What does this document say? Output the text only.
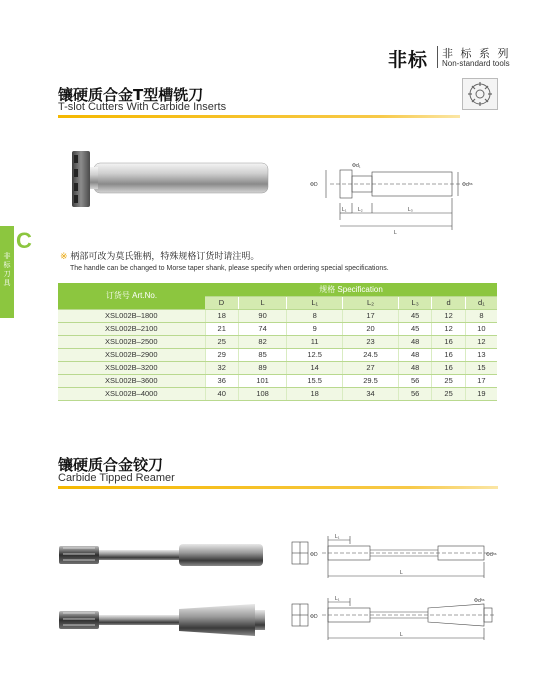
非标 非 标 系 列
Non-standard tools
C
非标刀具
镶硬质合金T型槽铣刀
T-slot Cutters With Carbide Inserts
Φd₁
ΦD	Φdʰ⁶
L₁ L₂	L₃
L
※ 柄部可改为莫氏锥柄，特殊规格订货时请注明。
The handle can be changed to Morse taper shank, please specify when ordering special specifications.
订货号 Art.No.	规格 Specification						
	D	L	L₁	L₂	L₃	d	d₁
XSL002B–1800	18	90	8	17	45	12	8
XSL002B–2100	21	74	9	20	45	12	10
XSL002B–2500	25	82	11	23	48	16	12
XSL002B–2900	29	85	12.5	24.5	48	16	13
XSL002B–3200	32	89	14	27	48	16	15
XSL002B–3600	36	101	15.5	29.5	56	25	17
XSL002B–4000	40	108	18	34	56	25	19
镶硬质合金铰刀
Carbide Tipped Reamer
L₁
ΦD	Φdʰ⁶
L
L₁
ΦD
Φdʰ⁶
L
